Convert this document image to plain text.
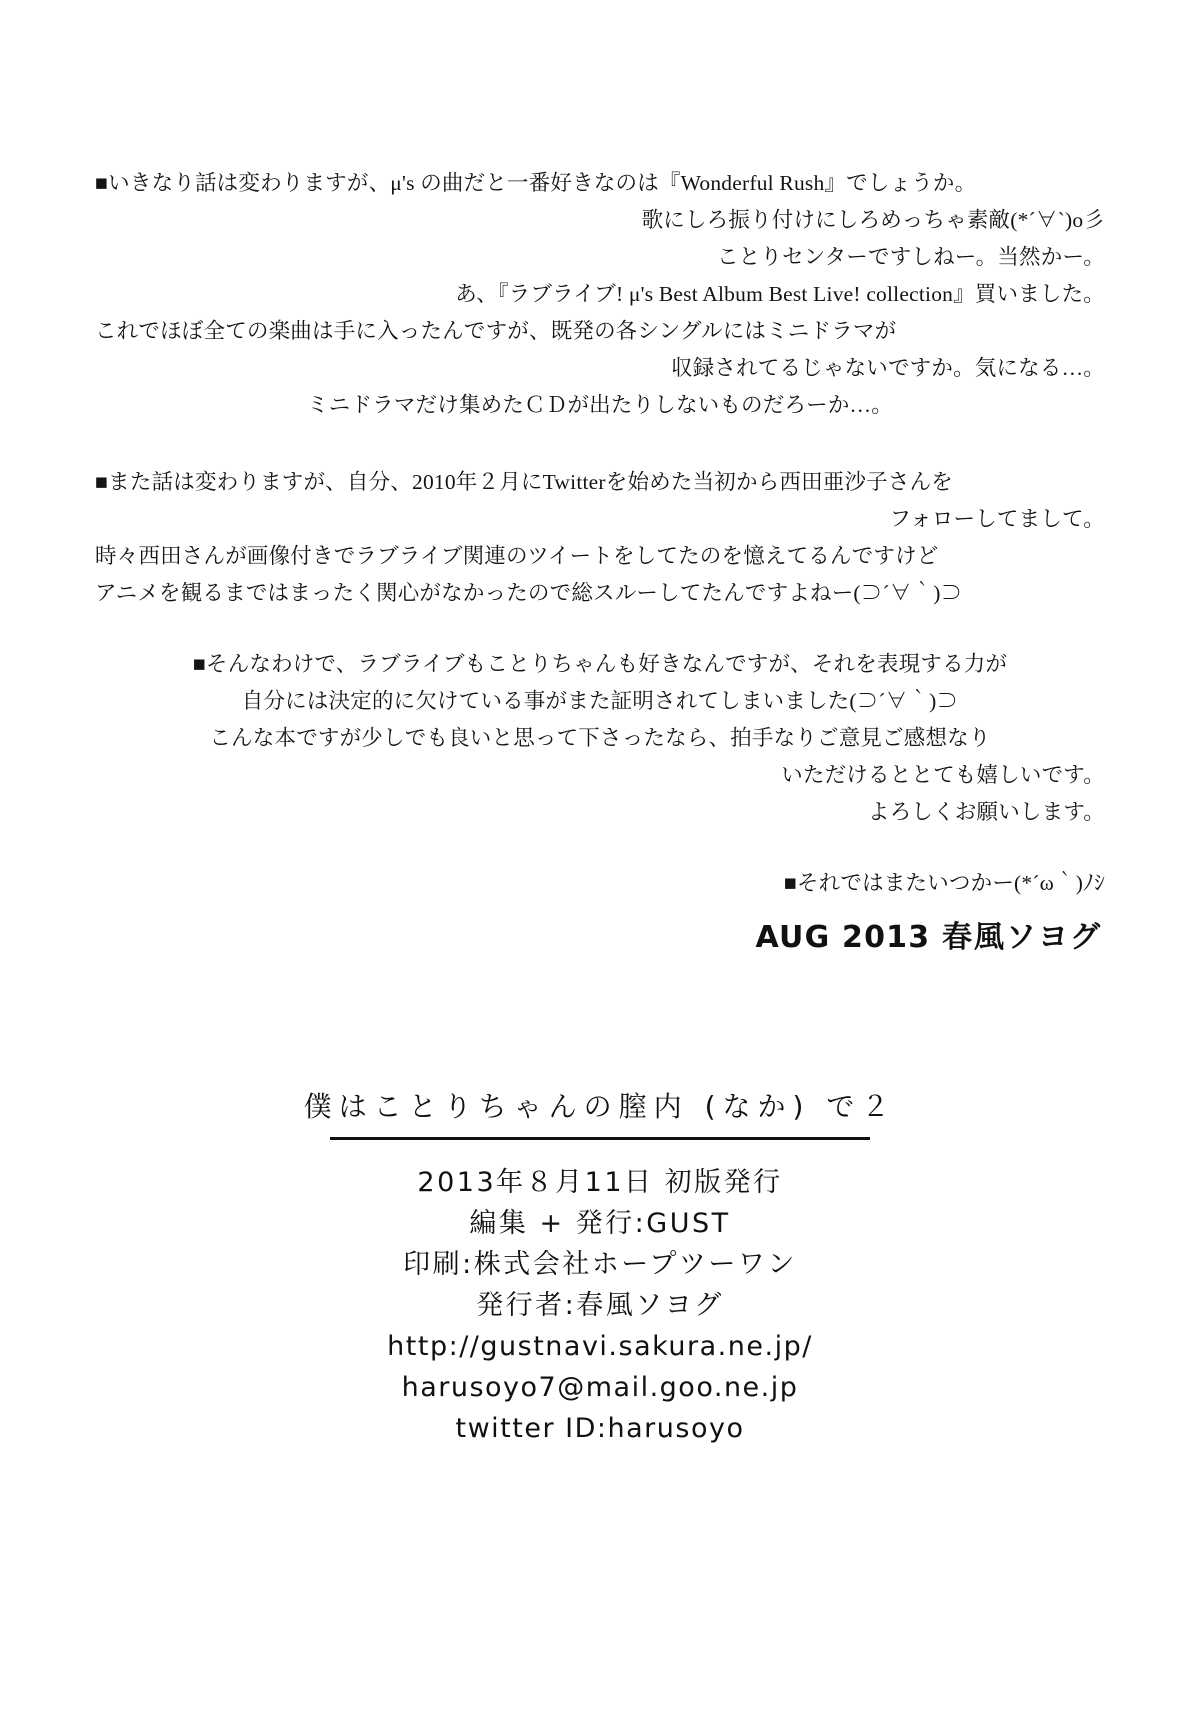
■いきなり話は変わりますが、μ's の曲だと一番好きなのは『Wonderful Rush』でしょうか。

歌にしろ振り付けにしろめっちゃ素敵(*´∀`)o彡

ことりセンターですしねー。当然かー。

あ、『ラブライブ! μ's Best Album Best Live! collection』買いました。

これでほぼ全ての楽曲は手に入ったんですが、既発の各シングルにはミニドラマが

収録されてるじゃないですか。気になる…。

ミニドラマだけ集めたＣＤが出たりしないものだろーか…。

■また話は変わりますが、自分、2010年２月にTwitterを始めた当初から西田亜沙子さんを

フォローしてまして。

時々西田さんが画像付きでラブライブ関連のツイートをしてたのを憶えてるんですけど

アニメを観るまではまったく関心がなかったので総スルーしてたんですよねー(⊃´∀｀)⊃

■そんなわけで、ラブライブもことりちゃんも好きなんですが、それを表現する力が

自分には決定的に欠けている事がまた証明されてしまいました(⊃´∀｀)⊃

こんな本ですが少しでも良いと思って下さったなら、拍手なりご意見ご感想なり

いただけるととても嬉しいです。

よろしくお願いします。

■それではまたいつかー(*´ω｀)ﾉｼ

AUG 2013 春風ソヨグ
僕はことりちゃんの膣内 (なか) で２
2013年８月11日 初版発行
編集 + 発行:GUST
印刷:株式会社ホープツーワン
発行者:春風ソヨグ
http://gustnavi.sakura.ne.jp/
harusoyo7@mail.goo.ne.jp
twitter ID:harusoyo
